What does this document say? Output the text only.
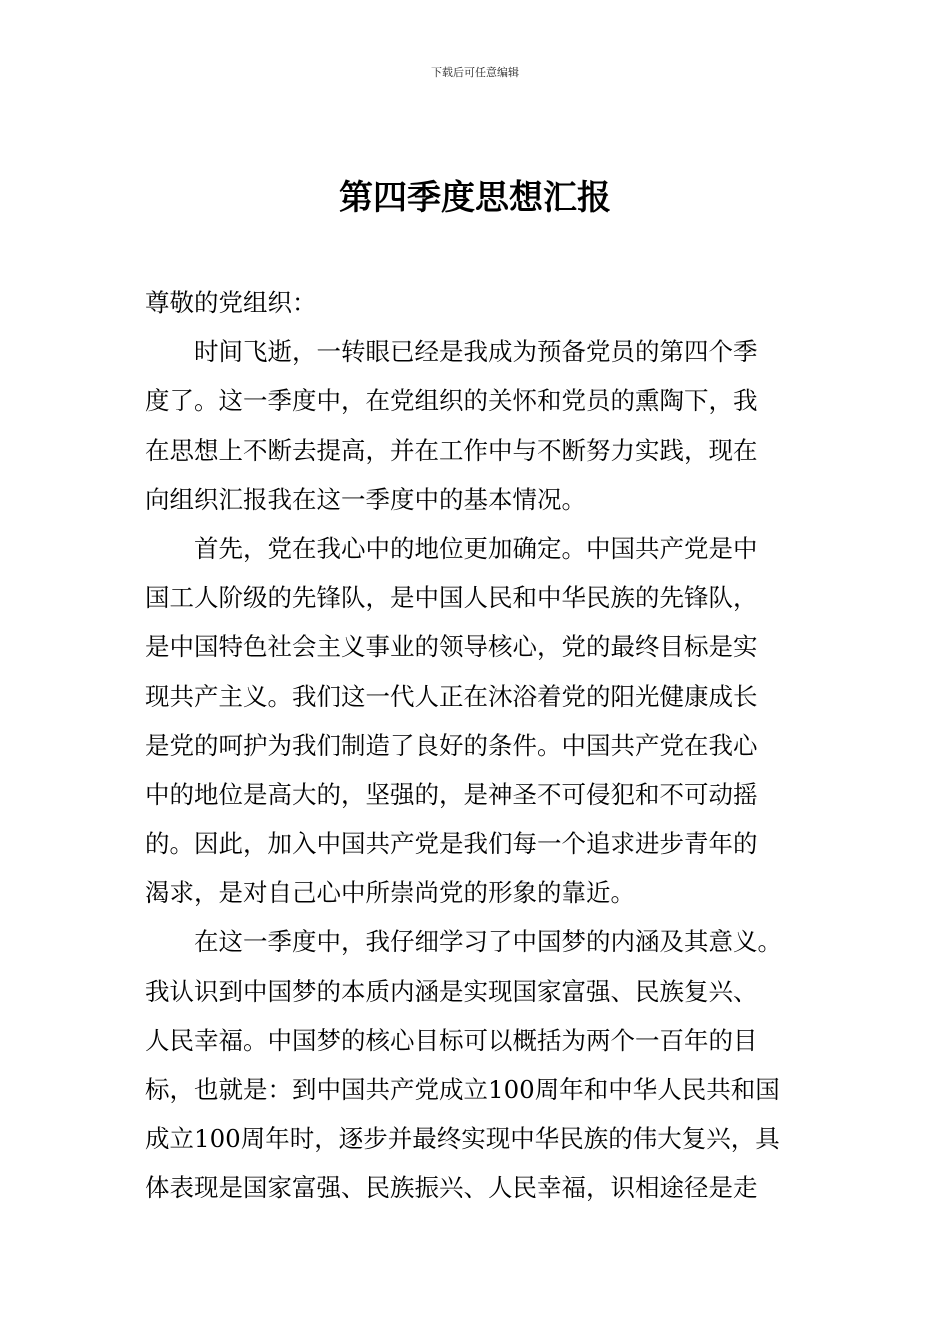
下载后可任意编辑
第四季度思想汇报
尊敬的党组织：
　　时间飞逝，一转眼已经是我成为预备党员的第四个季
度了。这一季度中，在党组织的关怀和党员的熏陶下，我
在思想上不断去提高，并在工作中与不断努力实践，现在
向组织汇报我在这一季度中的基本情况。
　　首先，党在我心中的地位更加确定。中国共产党是中
国工人阶级的先锋队，是中国人民和中华民族的先锋队，
是中国特色社会主义事业的领导核心，党的最终目标是实
现共产主义。我们这一代人正在沐浴着党的阳光健康成长
是党的呵护为我们制造了良好的条件。中国共产党在我心
中的地位是高大的，坚强的，是神圣不可侵犯和不可动摇
的。因此，加入中国共产党是我们每一个追求进步青年的
渴求，是对自己心中所崇尚党的形象的靠近。
　　在这一季度中，我仔细学习了中国梦的内涵及其意义。
我认识到中国梦的本质内涵是实现国家富强、民族复兴、
人民幸福。中国梦的核心目标可以概括为两个一百年的目
标，也就是：到中国共产党成立100周年和中华人民共和国
成立100周年时，逐步并最终实现中华民族的伟大复兴，具
体表现是国家富强、民族振兴、人民幸福，识相途径是走
